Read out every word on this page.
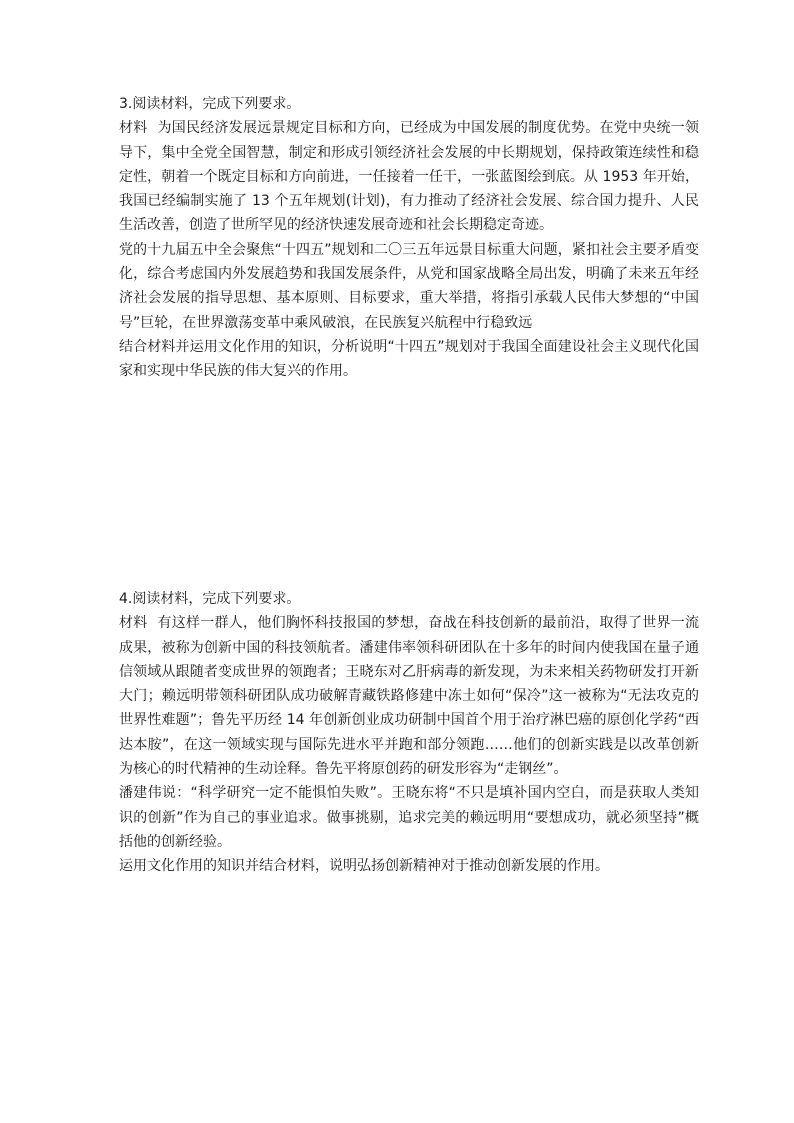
3.阅读材料，完成下列要求。

材料 为国民经济发展远景规定目标和方向，已经成为中国发展的制度优势。在党中央统一领导下，集中全党全国智慧，制定和形成引领经济社会发展的中长期规划，保持政策连续性和稳定性，朝着一个既定目标和方向前进，一任接着一任干，一张蓝图绘到底。从 1953 年开始，我国已经编制实施了 13 个五年规划(计划)，有力推动了经济社会发展、综合国力提升、人民生活改善，创造了世所罕见的经济快速发展奇迹和社会长期稳定奇迹。

党的十九届五中全会聚焦“十四五”规划和二〇三五年远景目标重大问题，紧扣社会主要矛盾变化，综合考虑国内外发展趋势和我国发展条件，从党和国家战略全局出发，明确了未来五年经济社会发展的指导思想、基本原则、目标要求，重大举措，将指引承载人民伟大梦想的“中国号”巨轮，在世界激荡变革中乘风破浪，在民族复兴航程中行稳致远

结合材料并运用文化作用的知识，分析说明“十四五”规划对于我国全面建设社会主义现代化国家和实现中华民族的伟大复兴的作用。

4.阅读材料，完成下列要求。

材料 有这样一群人，他们胸怀科技报国的梦想，奋战在科技创新的最前沿，取得了世界一流成果，被称为创新中国的科技领航者。潘建伟率领科研团队在十多年的时间内使我国在量子通信领域从跟随者变成世界的领跑者；王晓东对乙肝病毒的新发现，为未来相关药物研发打开新大门；赖远明带领科研团队成功破解青藏铁路修建中冻土如何“保冷”这一被称为“无法攻克的世界性难题”；鲁先平历经 14 年创新创业成功研制中国首个用于治疗淋巴癌的原创化学药“西达本胺”，在这一领域实现与国际先进水平并跑和部分领跑……他们的创新实践是以改革创新为核心的时代精神的生动诠释。鲁先平将原创药的研发形容为“走钢丝”。

潘建伟说：“科学研究一定不能惧怕失败”。王晓东将“不只是填补国内空白，而是获取人类知识的创新”作为自己的事业追求。做事挑剔，追求完美的赖远明用“要想成功，就必须坚持”概括他的创新经验。

运用文化作用的知识并结合材料，说明弘扬创新精神对于推动创新发展的作用。
